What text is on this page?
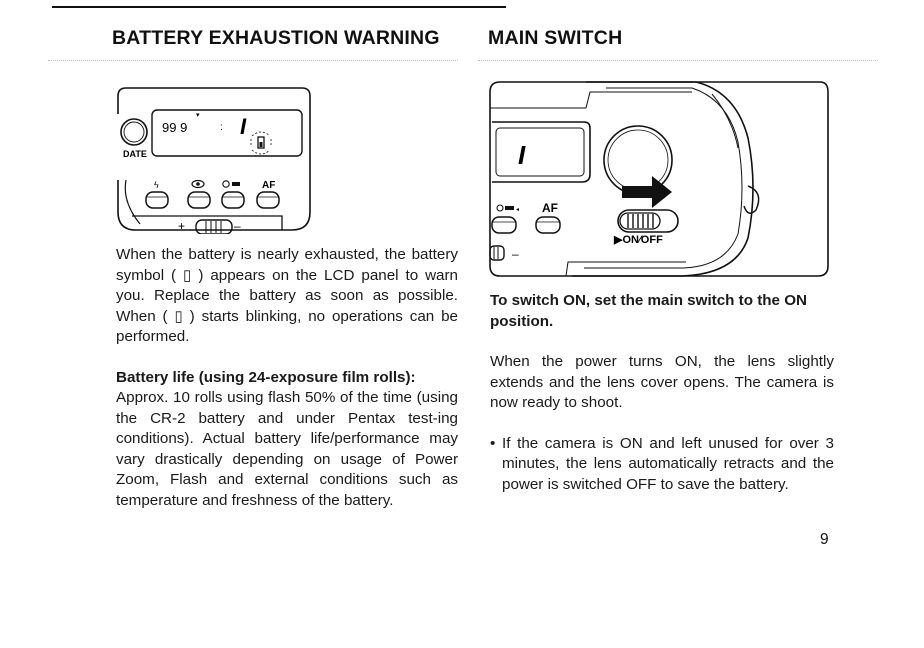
BATTERY EXHAUSTION WARNING MAIN SWITCH
DATE
99 9
▾
: I
ϟ	AF
+	–
I
▶ON∕OFF
◂ AF
–

When the battery is nearly exhausted, the battery symbol ( ▯ ) appears on the LCD panel to warn you. Replace the battery as soon as possible. When ( ▯ ) starts blinking, no operations can be performed.

Battery life (using 24-exposure film rolls):

Approx. 10 rolls using flash 50% of the time (using the CR-2 battery and under Pentax test-ing conditions). Actual battery life/performance may vary drastically depending on usage of Power Zoom, Flash and external conditions such as temperature and freshness of the battery.

To switch ON, set the main switch to the ON position.

When the power turns ON, the lens slightly extends and the lens cover opens. The camera is now ready to shoot.

• If the camera is ON and left unused for over 3 minutes, the lens automatically retracts and the power is switched OFF to save the battery.

9
